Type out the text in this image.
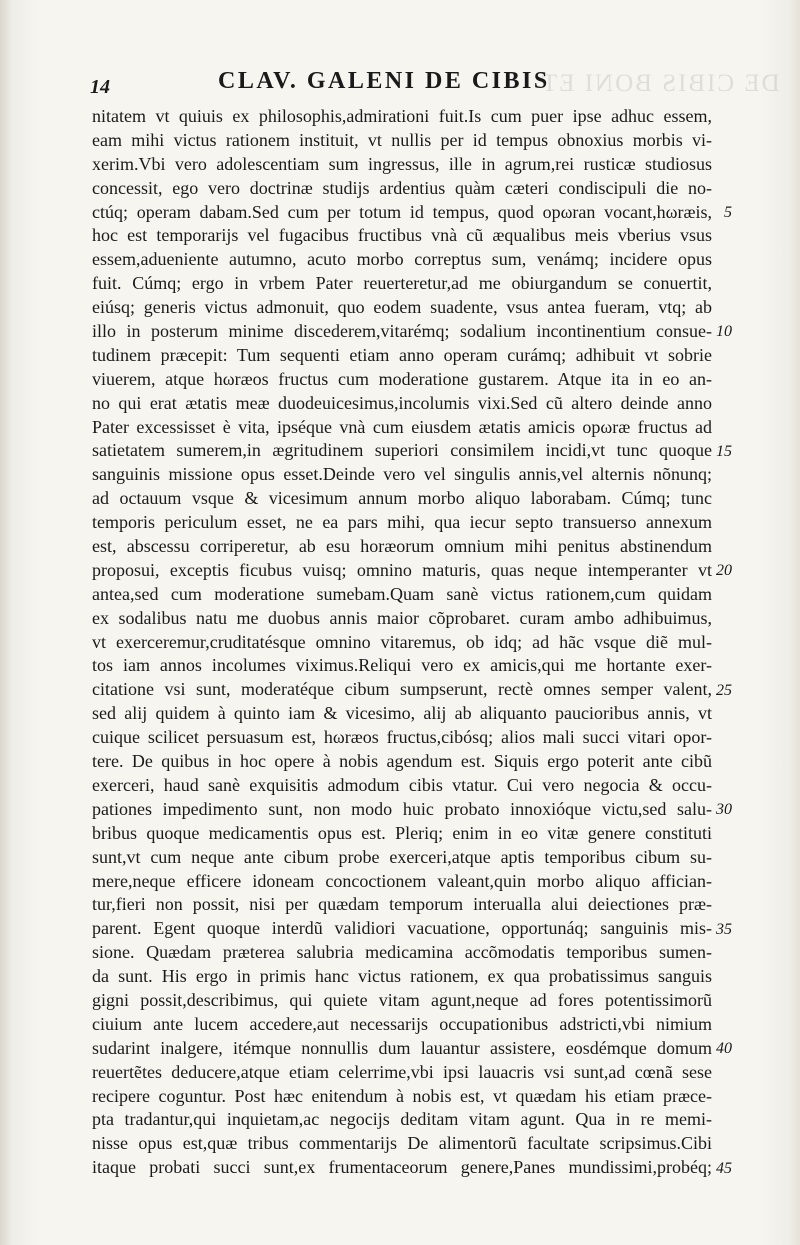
DE CIBIS BONI ET
14	CLAV. GALENI DE CIBIS
nitatem vt quiuis ex philosophis,admirationi fuit.Is cum puer ipse adhuc essem,
eam mihi victus rationem instituit, vt nullis per id tempus obnoxius morbis vi-
xerim.Vbi vero adolescentiam sum ingressus, ille in agrum,rei rusticæ studiosus
concessit, ego vero doctrinæ studijs ardentius quàm cæteri condiscipuli die no-
ctúq; operam dabam.Sed cum per totum id tempus, quod opωran vocant,hωræis,
hoc est temporarijs vel fugacibus fructibus vnà cũ æqualibus meis vberius vsus
essem,adueniente autumno, acuto morbo correptus sum, venámq; incidere opus
fuit. Cúmq; ergo in vrbem Pater reuerteretur,ad me obiurgandum se conuertit,
eiúsq; generis victus admonuit, quo eodem suadente, vsus antea fueram, vtq; ab
illo in posterum minime discederem,vitarémq; sodalium incontinentium consue-
tudinem præcepit: Tum sequenti etiam anno operam curámq; adhibuit vt sobrie
viuerem, atque hωræos fructus cum moderatione gustarem. Atque ita in eo an-
no qui erat ætatis meæ duodeuicesimus,incolumis vixi.Sed cũ altero deinde anno
Pater excessisset è vita, ipséque vnà cum eiusdem ætatis amicis opωræ fructus ad
satietatem sumerem,in ægritudinem superiori consimilem incidi,vt tunc quoque
sanguinis missione opus esset.Deinde vero vel singulis annis,vel alternis nõnunq;
ad octauum vsque & vicesimum annum morbo aliquo laborabam. Cúmq; tunc
temporis periculum esset, ne ea pars mihi, qua iecur septo transuerso annexum
est, abscessu corriperetur, ab esu horæorum omnium mihi penitus abstinendum
proposui, exceptis ficubus vuisq; omnino maturis, quas neque intemperanter vt
antea,sed cum moderatione sumebam.Quam sanè victus rationem,cum quidam
ex sodalibus natu me duobus annis maior cõprobaret. curam ambo adhibuimus,
vt exerceremur,cruditatésque omnino vitaremus, ob idq; ad hãc vsque diẽ mul-
tos iam annos incolumes viximus.Reliqui vero ex amicis,qui me hortante exer-
citatione vsi sunt, moderatéque cibum sumpserunt, rectè omnes semper valent,
sed alij quidem à quinto iam & vicesimo, alij ab aliquanto paucioribus annis, vt
cuique scilicet persuasum est, hωræos fructus,cibósq; alios mali succi vitari opor-
tere. De quibus in hoc opere à nobis agendum est. Siquis ergo poterit ante cibũ
exerceri, haud sanè exquisitis admodum cibis vtatur. Cui vero negocia & occu-
pationes impedimento sunt, non modo huic probato innoxióque victu,sed salu-
bribus quoque medicamentis opus est. Pleriq; enim in eo vitæ genere constituti
sunt,vt cum neque ante cibum probe exerceri,atque aptis temporibus cibum su-
mere,neque efficere idoneam concoctionem valeant,quin morbo aliquo affician-
tur,fieri non possit, nisi per quædam temporum interualla alui deiectiones præ-
parent. Egent quoque interdũ validiori vacuatione, opportunáq; sanguinis mis-
sione. Quædam præterea salubria medicamina accõmodatis temporibus sumen-
da sunt. His ergo in primis hanc victus rationem, ex qua probatissimus sanguis
gigni possit,describimus, qui quiete vitam agunt,neque ad fores potentissimorũ
ciuium ante lucem accedere,aut necessarijs occupationibus adstricti,vbi nimium
sudarint inalgere, itémque nonnullis dum lauantur assistere, eosdémque domum
reuertẽtes deducere,atque etiam celerrime,vbi ipsi lauacris vsi sunt,ad cœnã sese
recipere coguntur. Post hæc enitendum à nobis est, vt quædam his etiam præce-
pta tradantur,qui inquietam,ac negocijs deditam vitam agunt. Qua in re memi-
nisse opus est,quæ tribus commentarijs De alimentorũ facultate scripsimus.Cibi
itaque probati succi sunt,ex frumentaceorum genere,Panes mundissimi,probéq;
5
10
15
20
25
30
35
40
45
